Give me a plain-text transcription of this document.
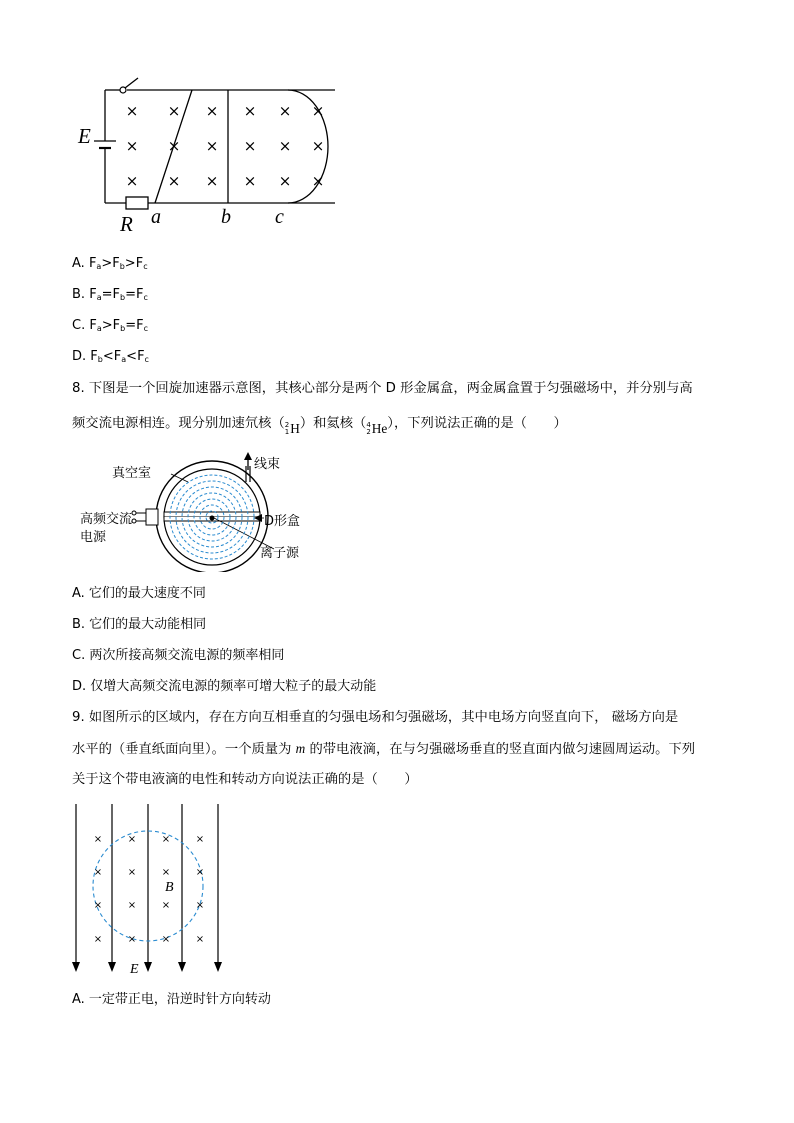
× × × × × ×
× × × × × ×
× × × × × ×
E
R a	b c
A. $F_a>F_b>F_c$
B. $F_a=F_b=F_c$
C. $F_a>F_b=F_c$
D. $F_b<F_a<F_c$
8. 下图是一个回旋加速器示意图，其核心部分是两个 D 形金属盒，两金属盒置于匀强磁场中，并分别与高
频交流电源相连。现分别加速氘核（ 2
1 H ）和氦核（ 4
2 He ），下列说法正确的是（　　）
真空室
线束
高频交流
电源
D形盒
离子源
A. 它们的最大速度不同
B. 它们的最大动能相同
C. 两次所接高频交流电源的频率相同
D. 仅增大高频交流电源的频率可增大粒子的最大动能
9. 如图所示的区域内，存在方向互相垂直的匀强电场和匀强磁场，其中电场方向竖直向下， 磁场方向是
水平的（垂直纸面向里）。一个质量为 m 的带电液滴，在与匀强磁场垂直的竖直面内做匀速圆周运动。下列
关于这个带电液滴的电性和转动方向说法正确的是（　　）
×	×	×	×
×	×	×	×
×	×	×	×
×	×	×	×
B
E
A. 一定带正电，沿逆时针方向转动
